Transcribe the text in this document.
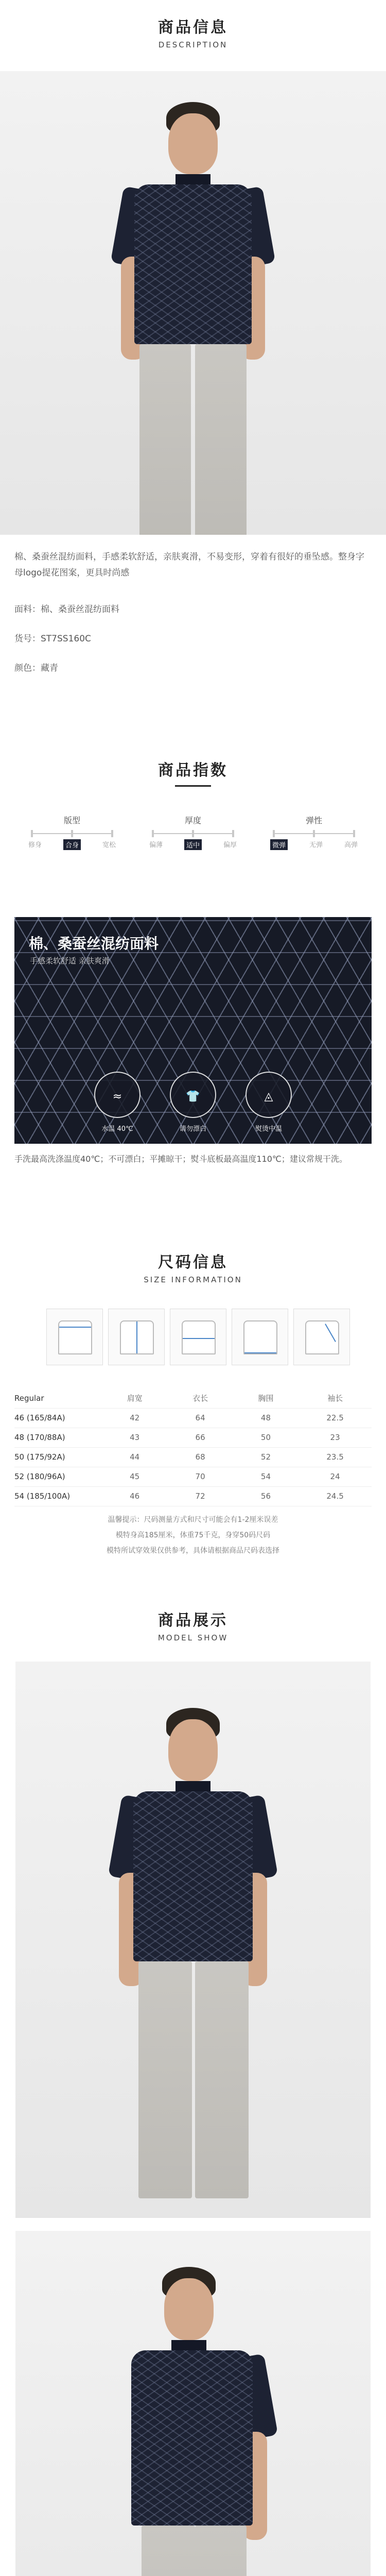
商品信息
DESCRIPTION
棉、桑蚕丝混纺面料，手感柔软舒适，亲肤爽滑，不易变形，穿着有很好的垂坠感。整身字母logo提花图案，更具时尚感
面料：棉、桑蚕丝混纺面料
货号：ST7SS160C
颜色：藏青
商品指数
版型
修身	合身	宽松
厚度
偏薄	适中	偏厚
弹性
微弹	无弹	高弹
棉、桑蚕丝混纺面料
手感柔软舒适 亲肤爽滑
≈
水温 40℃
👕
请勿漂白
◬
熨烫中温
手洗最高洗涤温度40℃；不可漂白；平摊晾干；熨斗底板最高温度110℃；建议常规干洗。
尺码信息
SIZE INFORMATION
Regular	肩宽	衣长	胸围	袖长
46 (165/84A)	42	64	48	22.5
48 (170/88A)	43	66	50	23
50 (175/92A)	44	68	52	23.5
52 (180/96A)	45	70	54	24
54 (185/100A)	46	72	56	24.5
温馨提示：尺码测量方式和尺寸可能会有1-2厘米误差
模特身高185厘米，体重75千克，身穿50码尺码
模特所试穿效果仅供参考，具体请根据商品尺码表选择
商品展示
MODEL SHOW
